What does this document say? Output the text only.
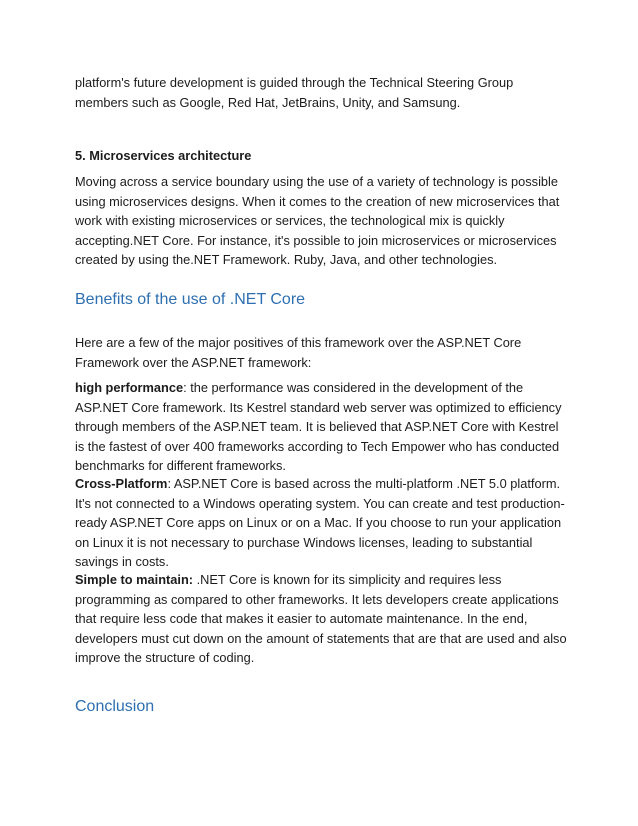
platform's future development is guided through the Technical Steering Group members such as Google, Red Hat, JetBrains, Unity, and Samsung.

5. Microservices architecture

Moving across a service boundary using the use of a variety of technology is possible using microservices designs. When it comes to the creation of new microservices that work with existing microservices or services, the technological mix is quickly accepting.NET Core. For instance, it's possible to join microservices or microservices created by using the.NET Framework. Ruby, Java, and other technologies.

Benefits of the use of .NET Core

Here are a few of the major positives of this framework over the ASP.NET Core Framework over the ASP.NET framework:

high performance: the performance was considered in the development of the ASP.NET Core framework. Its Kestrel standard web server was optimized to efficiency through members of the ASP.NET team. It is believed that ASP.NET Core with Kestrel is the fastest of over 400 frameworks according to Tech Empower who has conducted benchmarks for different frameworks.

Cross-Platform: ASP.NET Core is based across the multi-platform .NET 5.0 platform. It's not connected to a Windows operating system. You can create and test production-ready ASP.NET Core apps on Linux or on a Mac. If you choose to run your application on Linux it is not necessary to purchase Windows licenses, leading to substantial savings in costs.

Simple to maintain: .NET Core is known for its simplicity and requires less programming as compared to other frameworks. It lets developers create applications that require less code that makes it easier to automate maintenance. In the end, developers must cut down on the amount of statements that are that are used and also improve the structure of coding.

Conclusion
